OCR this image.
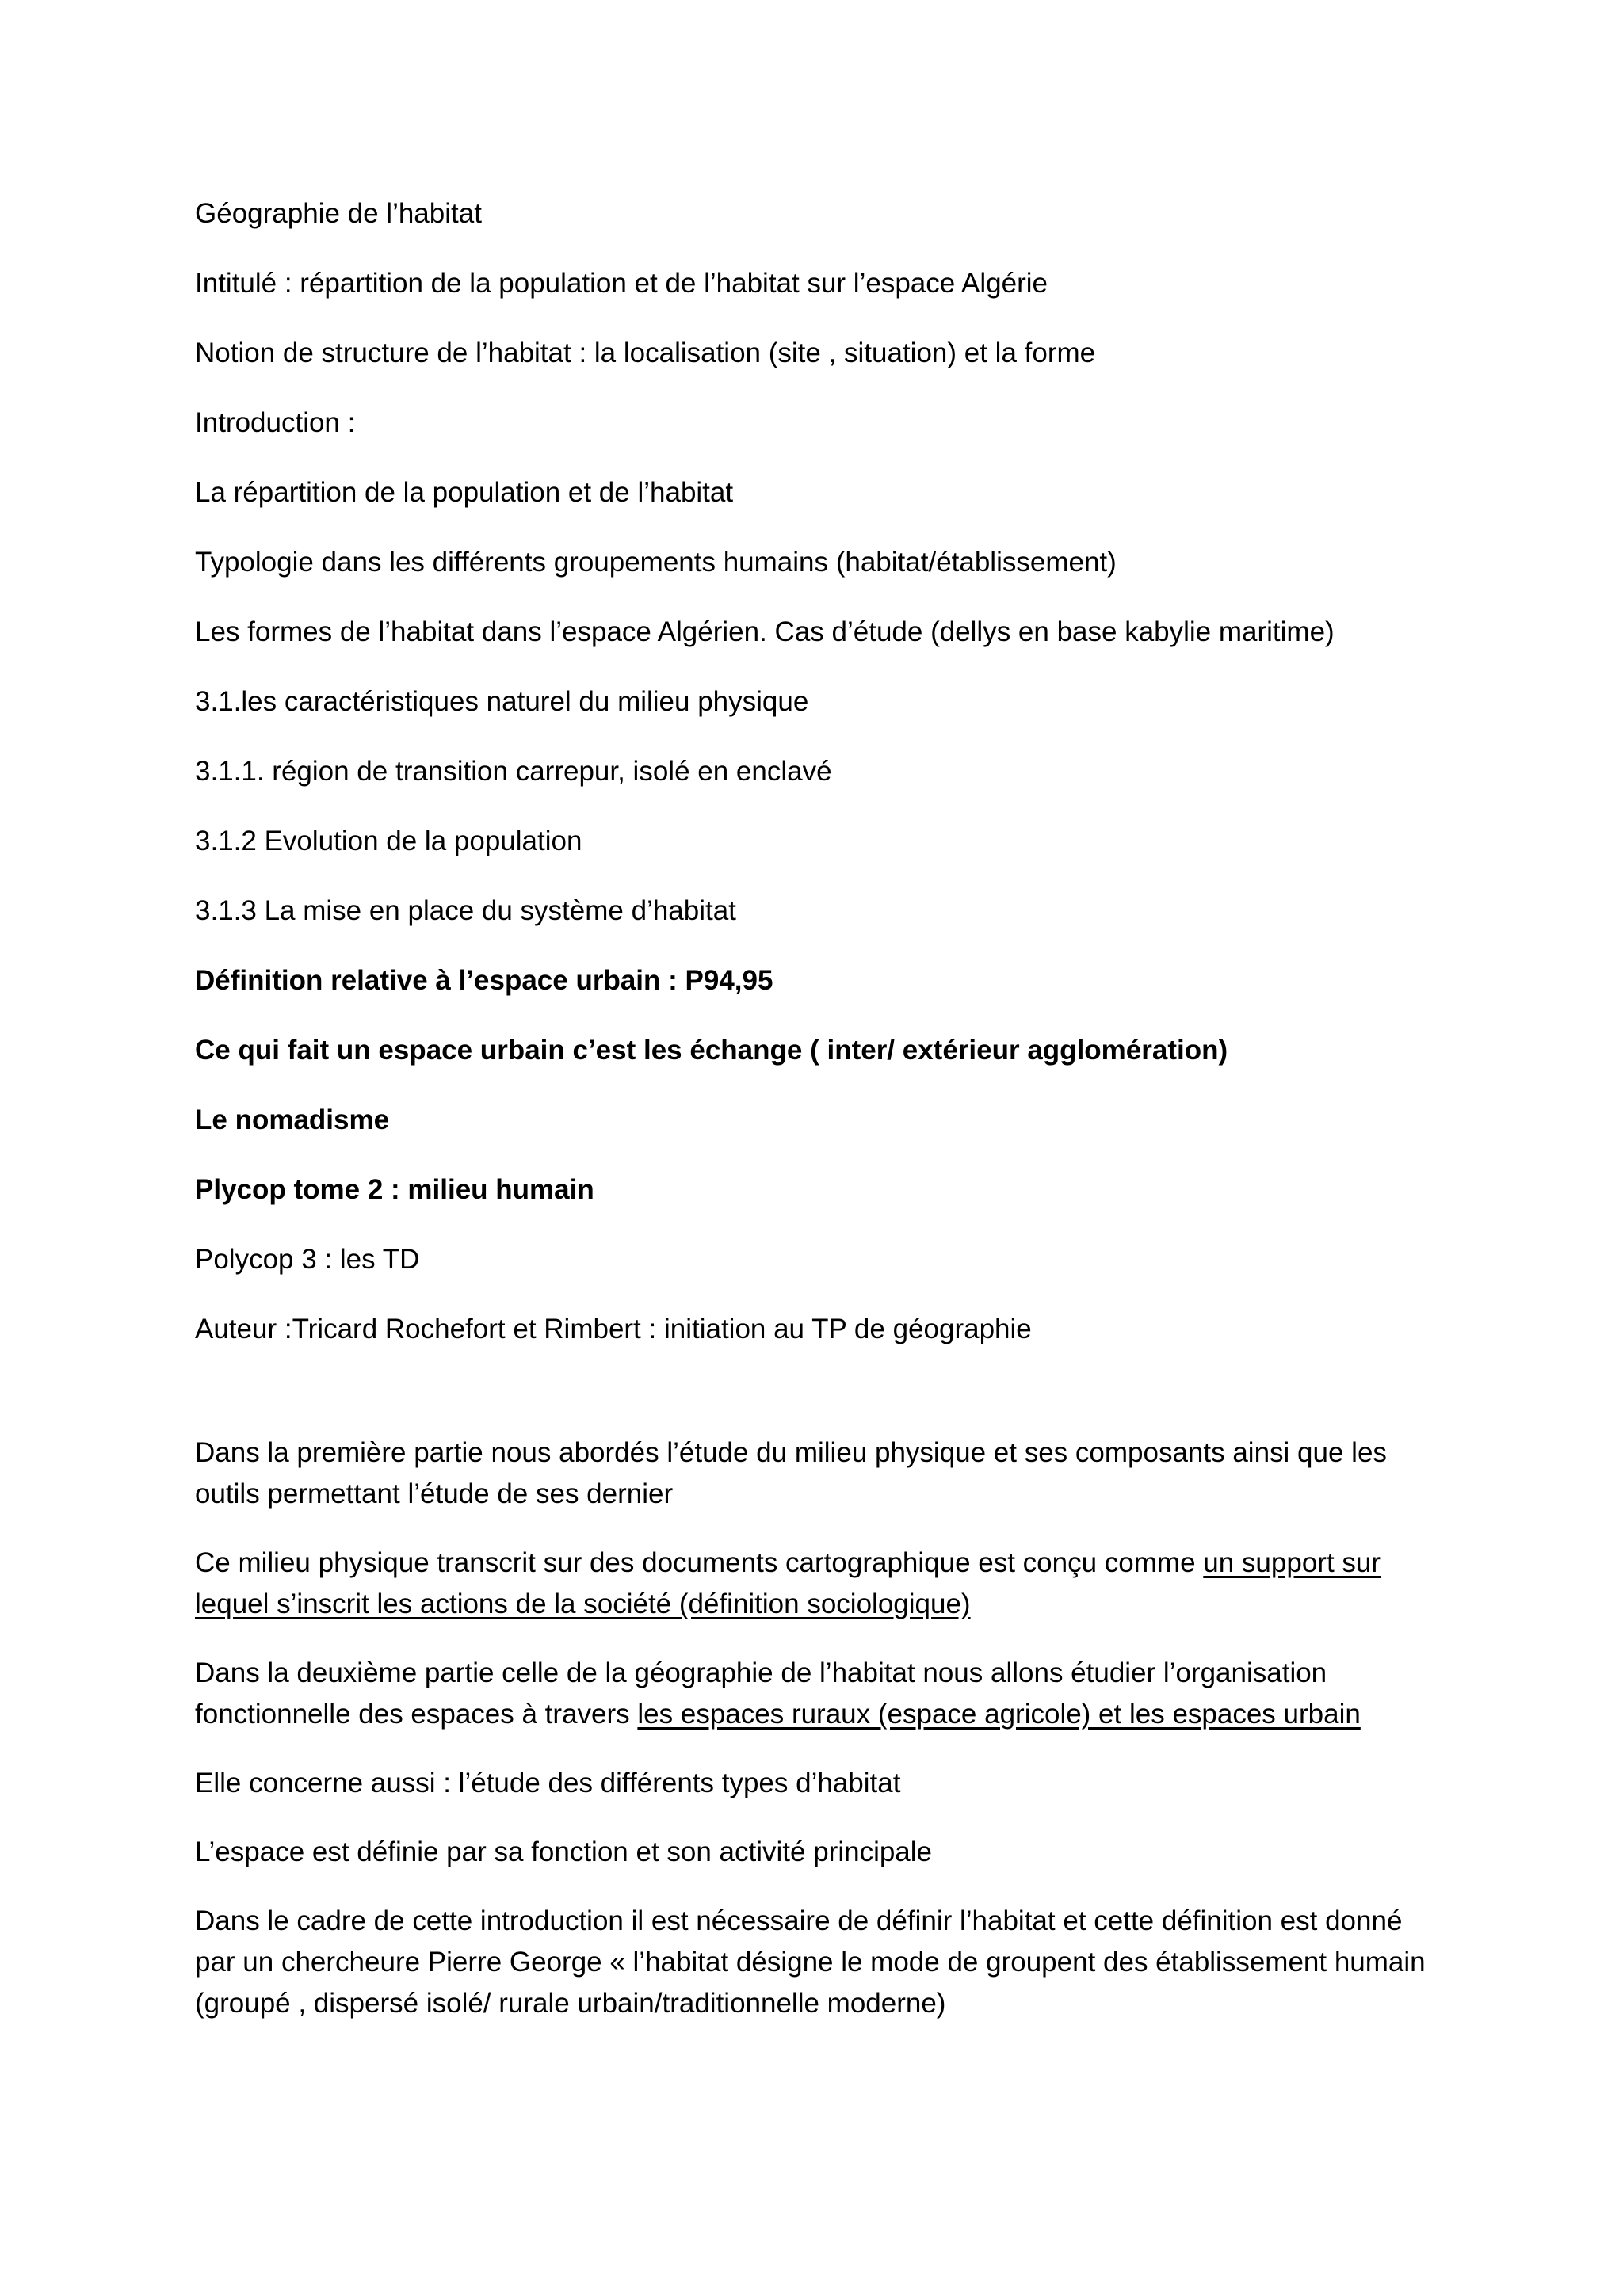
Géographie de l’habitat
Intitulé : répartition de la population et de l’habitat sur l’espace Algérie
Notion de structure de l’habitat : la localisation (site , situation) et la forme
Introduction :
La répartition de la population et de l’habitat
Typologie dans les différents groupements humains (habitat/établissement)
Les formes de l’habitat dans l’espace Algérien. Cas d’étude (dellys en base kabylie maritime)
3.1.les caractéristiques naturel du milieu physique
3.1.1. région de transition carrepur, isolé en enclavé
3.1.2 Evolution de la population
3.1.3 La mise en place du système d’habitat
Définition relative à l’espace urbain : P94,95
Ce qui fait un espace urbain c’est les échange ( inter/ extérieur agglomération)
Le nomadisme
Plycop tome 2 : milieu humain
Polycop 3 : les TD
Auteur :Tricard Rochefort et Rimbert : initiation au TP de géographie
Dans la première partie nous abordés l’étude du milieu physique et ses composants ainsi que les outils permettant l’étude de ses dernier
Ce milieu physique transcrit sur des documents cartographique est conçu comme un support sur lequel s’inscrit les actions de la société (définition sociologique)
Dans la deuxième partie celle de la géographie de l’habitat nous allons étudier l’organisation fonctionnelle des espaces à travers les espaces ruraux (espace agricole) et les espaces urbain
Elle concerne aussi : l’étude des différents types d’habitat
L’espace est définie par sa fonction et son activité principale
Dans le cadre de cette introduction il est nécessaire de définir l’habitat et cette définition est donné par un chercheure Pierre George « l’habitat désigne le mode de groupent des établissement humain (groupé , dispersé isolé/ rurale urbain/traditionnelle moderne)
